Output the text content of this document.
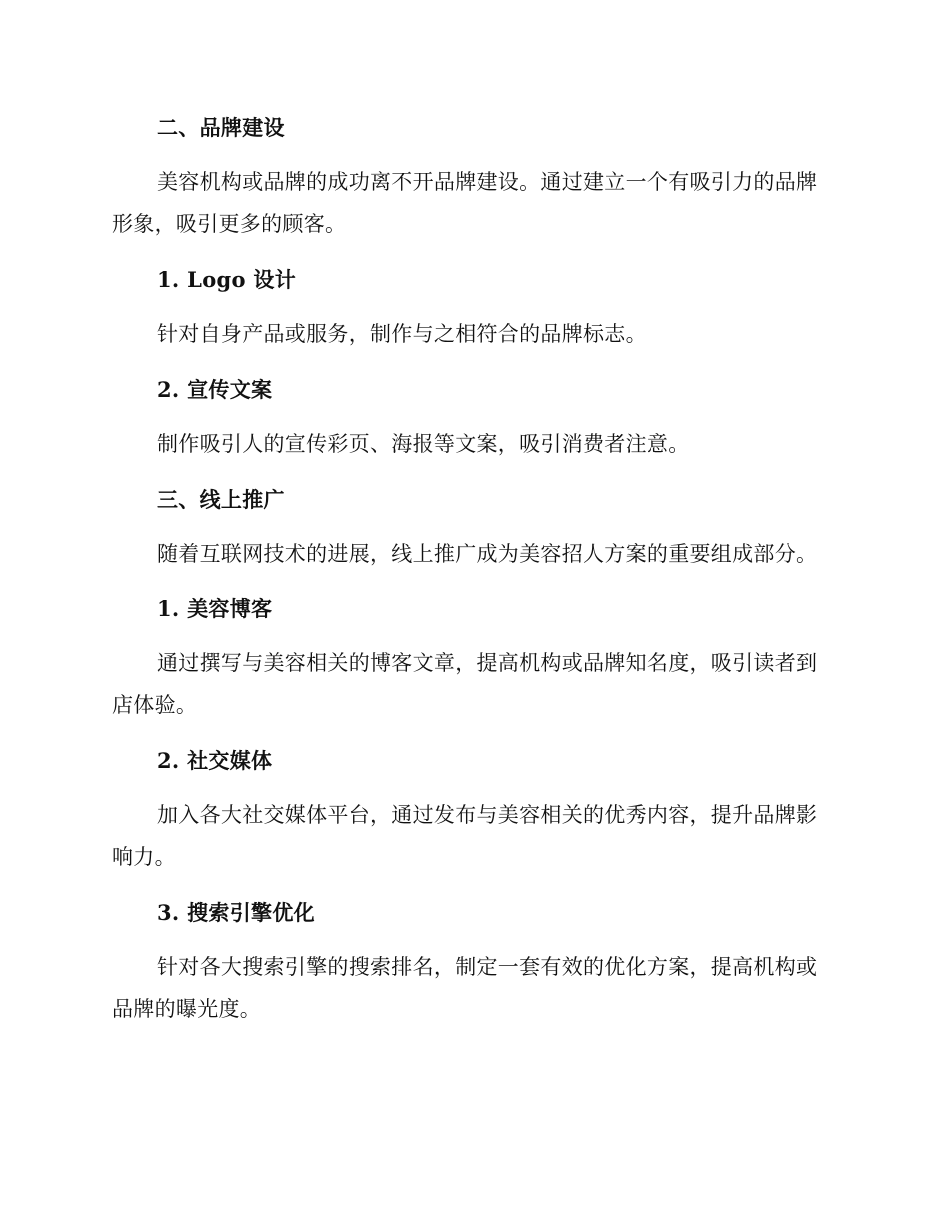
二、品牌建设
美容机构或品牌的成功离不开品牌建设。通过建立一个有吸引力的品牌
形象，吸引更多的顾客。
1. Logo 设计
针对自身产品或服务，制作与之相符合的品牌标志。
2. 宣传文案
制作吸引人的宣传彩页、海报等文案，吸引消费者注意。
三、线上推广
随着互联网技术的进展，线上推广成为美容招人方案的重要组成部分。
1. 美容博客
通过撰写与美容相关的博客文章，提高机构或品牌知名度，吸引读者到
店体验。
2. 社交媒体
加入各大社交媒体平台，通过发布与美容相关的优秀内容，提升品牌影
响力。
3. 搜索引擎优化
针对各大搜索引擎的搜索排名，制定一套有效的优化方案，提高机构或
品牌的曝光度。
